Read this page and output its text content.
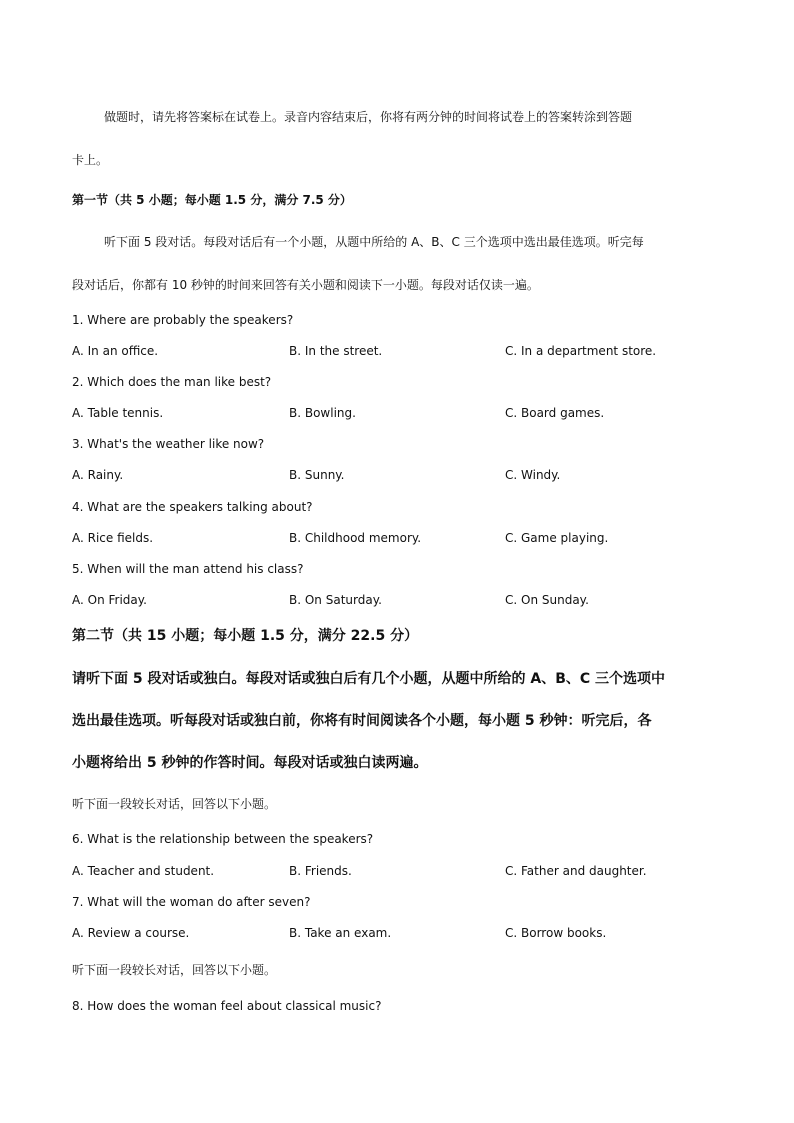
做题时，请先将答案标在试卷上。录音内容结束后，你将有两分钟的时间将试卷上的答案转涂到答题
卡上。
第一节（共 5 小题；每小题 1.5 分，满分 7.5 分）
听下面 5 段对话。每段对话后有一个小题，从题中所给的 A、B、C 三个选项中选出最佳选项。听完每
段对话后，你都有 10 秒钟的时间来回答有关小题和阅读下一小题。每段对话仅读一遍。
1. Where are probably the speakers?
A. In an office.	B. In the street.	C. In a department store.
2. Which does the man like best?
A. Table tennis.	B. Bowling.	C. Board games.
3. What's the weather like now?
A. Rainy.	B. Sunny.	C. Windy.
4. What are the speakers talking about?
A. Rice fields.	B. Childhood memory.	C. Game playing.
5. When will the man attend his class?
A. On Friday.	B. On Saturday.	C. On Sunday.
第二节（共 15 小题；每小题 1.5 分，满分 22.5 分）
请听下面 5 段对话或独白。每段对话或独白后有几个小题，从题中所给的 A、B、C 三个选项中
选出最佳选项。听每段对话或独白前，你将有时间阅读各个小题，每小题 5 秒钟：听完后，各
小题将给出 5 秒钟的作答时间。每段对话或独白读两遍。
听下面一段较长对话，回答以下小题。
6. What is the relationship between the speakers?
A. Teacher and student.	B. Friends.	C. Father and daughter.
7. What will the woman do after seven?
A. Review a course.	B. Take an exam.	C. Borrow books.
听下面一段较长对话，回答以下小题。
8. How does the woman feel about classical music?
